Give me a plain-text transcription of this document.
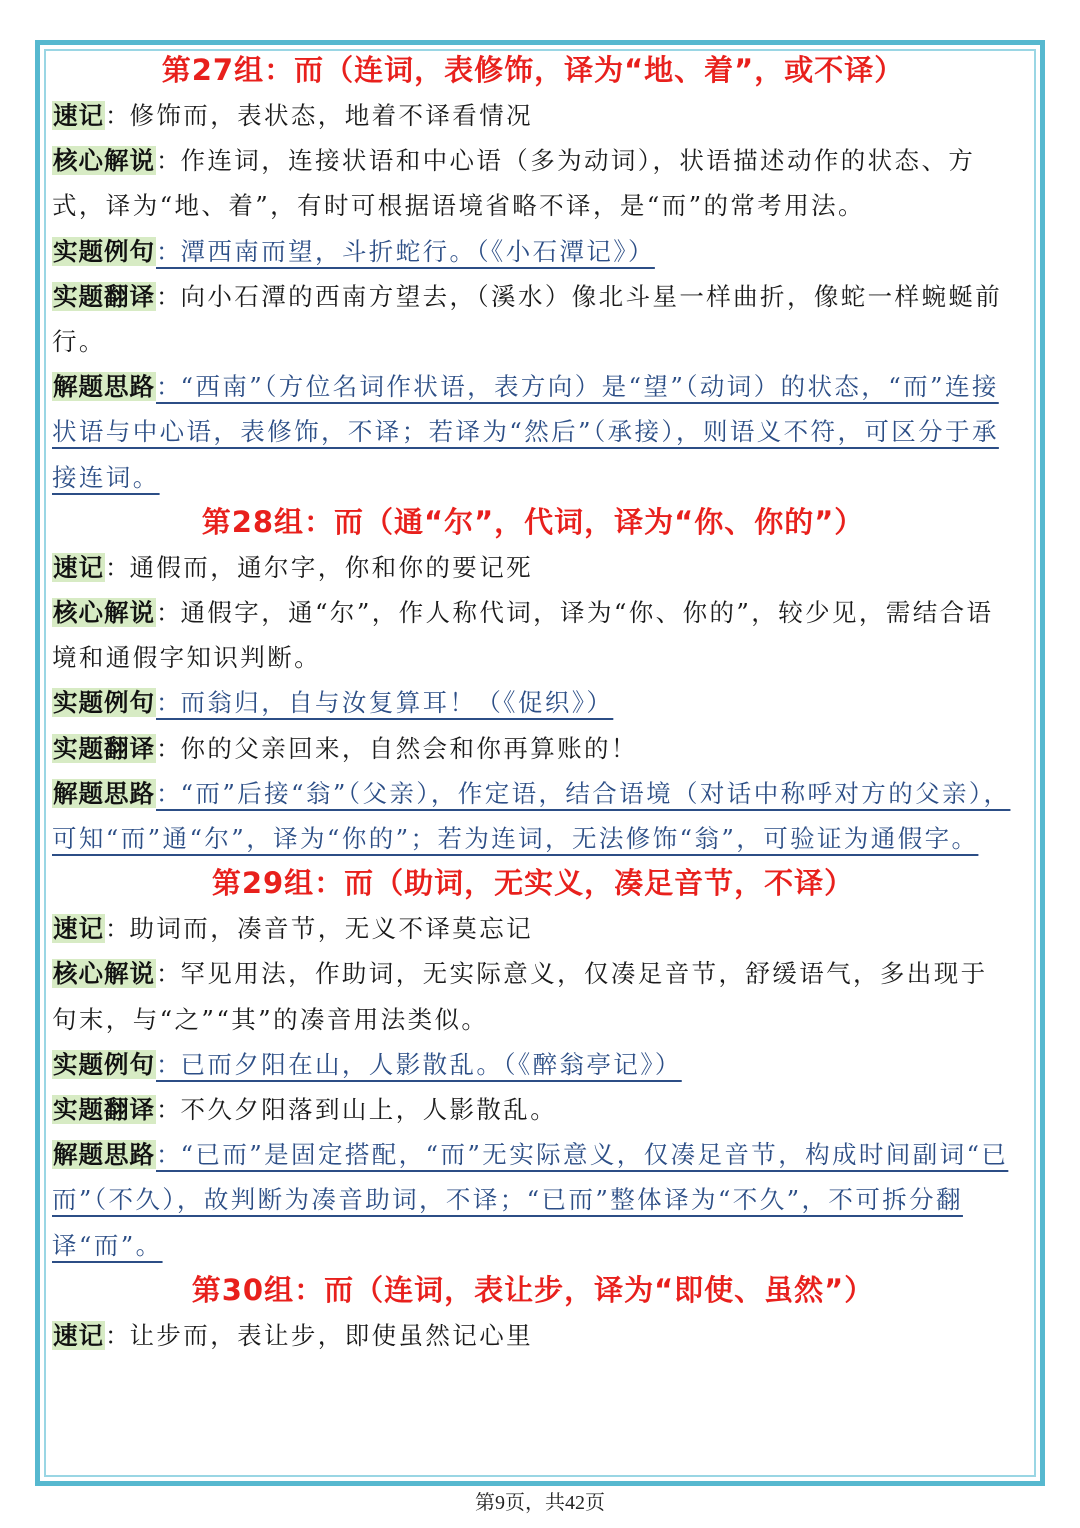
第27组：而（连词，表修饰，译为“地、着”，或不译）
速记：修饰而，表状态，地着不译看情况
核心解说：作连词，连接状语和中心语（多为动词），状语描述动作的状态、方式，译为“地、着”，有时可根据语境省略不译，是“而”的常考用法。
实题例句：潭西南而望，斗折蛇行。（《小石潭记》）
实题翻译：向小石潭的西南方望去，（溪水）像北斗星一样曲折，像蛇一样蜿蜒前行。
解题思路：“西南”（方位名词作状语，表方向）是“望”（动词）的状态，“而”连接状语与中心语，表修饰，不译；若译为“然后”（承接），则语义不符，可区分于承接连词。
第28组：而（通“尔”，代词，译为“你、你的”）
速记：通假而，通尔字，你和你的要记死
核心解说：通假字，通“尔”，作人称代词，译为“你、你的”，较少见，需结合语境和通假字知识判断。
实题例句：而翁归，自与汝复算耳！（《促织》）
实题翻译：你的父亲回来，自然会和你再算账的！
解题思路：“而”后接“翁”（父亲），作定语，结合语境（对话中称呼对方的父亲），可知“而”通“尔”，译为“你的”；若为连词，无法修饰“翁”，可验证为通假字。
第29组：而（助词，无实义，凑足音节，不译）
速记：助词而，凑音节，无义不译莫忘记
核心解说：罕见用法，作助词，无实际意义，仅凑足音节，舒缓语气，多出现于句末，与“之”“其”的凑音用法类似。
实题例句：已而夕阳在山，人影散乱。（《醉翁亭记》）
实题翻译：不久夕阳落到山上，人影散乱。
解题思路：“已而”是固定搭配，“而”无实际意义，仅凑足音节，构成时间副词“已而”（不久），故判断为凑音助词，不译；“已而”整体译为“不久”，不可拆分翻译“而”。
第30组：而（连词，表让步，译为“即使、虽然”）
速记：让步而，表让步，即使虽然记心里
第9页，共42页
